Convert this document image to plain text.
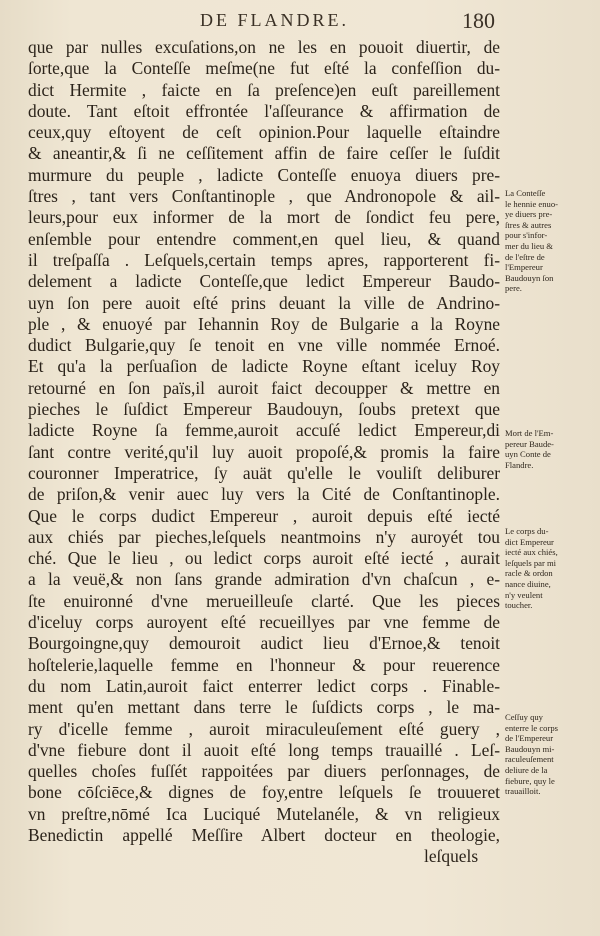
DE FLANDRE.	180
que par nulles excuſations,on ne les en pouoit diuertir, de
ſorte,que la Conteſſe meſme(ne fut eſté la confeſſion du-
dict Hermite , faicte en ſa preſence)en euſt pareillement
doute. Tant eſtoit effrontée l'aſſeurance & affirmation de
ceux,quy eſtoyent de ceſt opinion.Pour laquelle eſtaindre
& aneantir,& ſi ne ceſſitement affin de faire ceſſer le ſuſdit
murmure du peuple , ladicte Conteſſe enuoya diuers pre-
ſtres , tant vers Conſtantinople , que Andronopole & ail-
leurs,pour eux informer de la mort de ſondict feu pere,
enſemble pour entendre comment,en quel lieu, & quand
il treſpaſſa . Leſquels,certain temps apres, rapporterent fi-
delement a ladicte Conteſſe,que ledict Empereur Baudo-
uyn ſon pere auoit eſté prins deuant la ville de Andrino-
ple , & enuoyé par Iehannin Roy de Bulgarie a la Royne
dudict Bulgarie,quy ſe tenoit en vne ville nommée Ernoé.
Et qu'a la perſuaſion de ladicte Royne eſtant iceluy Roy
retourné en ſon païs,il auroit faict decoupper & mettre en
pieches le ſuſdict Empereur Baudouyn, ſoubs pretext que
ladicte Royne ſa femme,auroit accuſé ledict Empereur,di
ſant contre verité,qu'il luy auoit propoſé,& promis la faire
couronner Imperatrice, ſy auät qu'elle le vouliſt deliburer
de priſon,& venir auec luy vers la Cité de Conſtantinople.
Que le corps dudict Empereur , auroit depuis eſté iecté
aux chiés par pieches,leſquels neantmoins n'y auroyét tou
ché. Que le lieu , ou ledict corps auroit eſté iecté , aurait
a la veuë,& non ſans grande admiration d'vn chaſcun , e-
ſte enuironné d'vne merueilleuſe clarté. Que les pieces
d'iceluy corps auroyent eſté recueillyes par vne femme de
Bourgoingne,quy demouroit audict lieu d'Ernoe,& tenoit
hoſtelerie,laquelle femme en l'honneur & pour reuerence
du nom Latin,auroit faict enterrer ledict corps . Finable-
ment qu'en mettant dans terre le ſuſdicts corps , le ma-
ry d'icelle femme , auroit miraculeuſement eſté guery ,
d'vne fiebure dont il auoit eſté long temps trauaillé . Leſ-
quelles choſes fuſſét rappoitées par diuers perſonnages, de
bone cōſciēce,& dignes de foy,entre leſquels ſe trouueret
vn preſtre,nōmé Ica Luciqué Mutelanéle, & vn religieux
Benedictin appellé Meſſire Albert docteur en theologie,
leſquels
La Conteſſe
le hennie enuo-
ye diuers pre-
ſtres & autres
pour s'infor-
mer du lieu &
de l'eſtre de
l'Empereur
Baudouyn ſon
pere.
Mort de l'Em-
pereur Baude-
uyn Conte de
Flandre.
Le corps du-
dict Empereur
iecté aux chiés,
leſquels par mi
racle & ordon
nance diuine,
n'y veulent
toucher.
Ceſſuy quy
enterre le corps
de l'Empereur
Baudouyn mi-
raculeuſement
deliure de la
fiebure, quy le
trauailloit.
